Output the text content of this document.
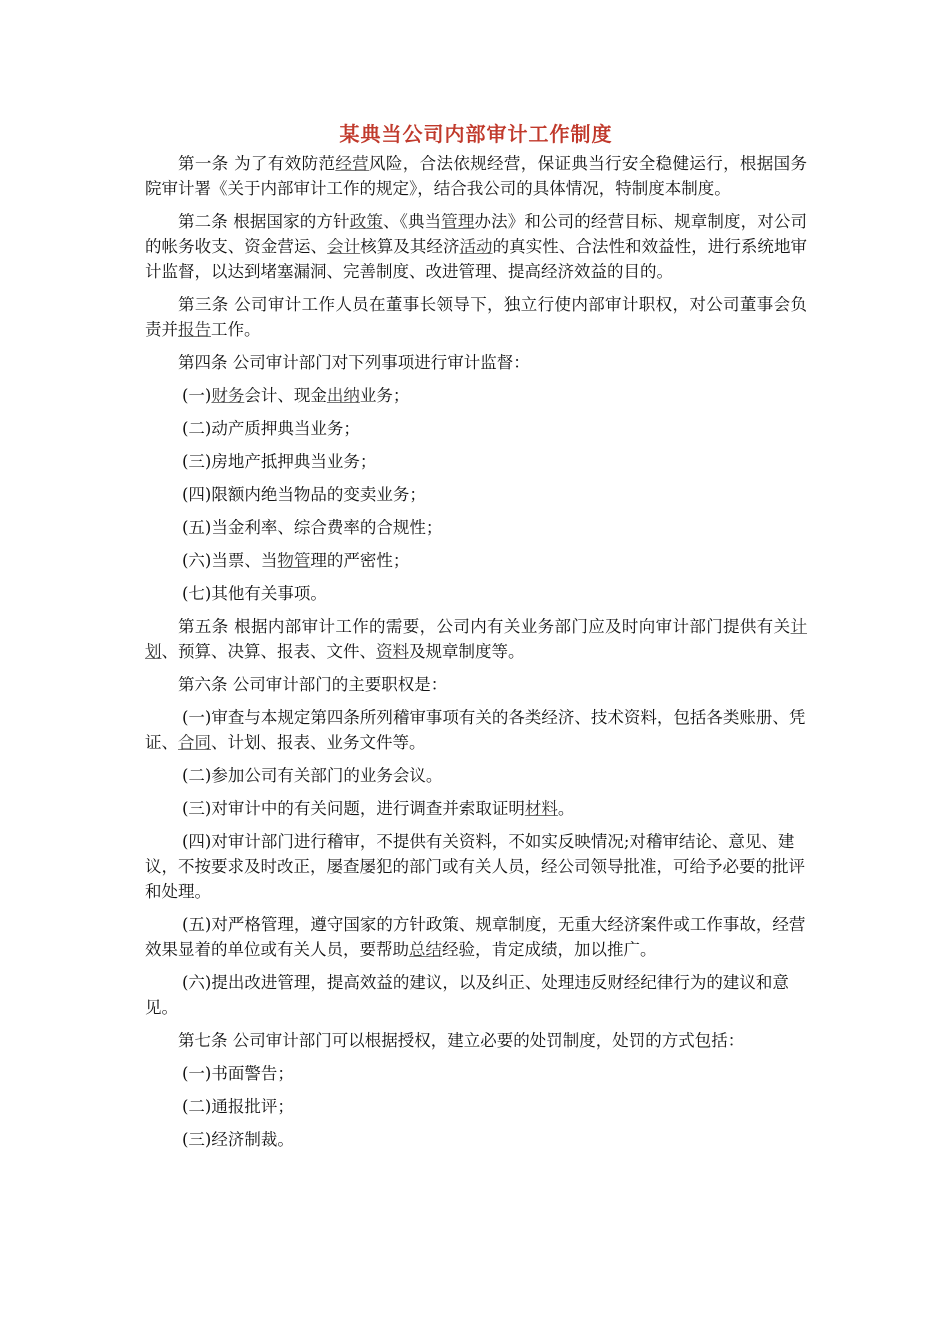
某典当公司内部审计工作制度

第一条 为了有效防范经营风险，合法依规经营，保证典当行安全稳健运行，根据国务院审计署《关于内部审计工作的规定》，结合我公司的具体情况，特制度本制度。

第二条 根据国家的方针政策、《典当管理办法》和公司的经营目标、规章制度，对公司的帐务收支、资金营运、会计核算及其经济活动的真实性、合法性和效益性，进行系统地审计监督，以达到堵塞漏洞、完善制度、改进管理、提高经济效益的目的。

第三条 公司审计工作人员在董事长领导下，独立行使内部审计职权，对公司董事会负责并报告工作。

第四条 公司审计部门对下列事项进行审计监督：

(一)财务会计、现金出纳业务；

(二)动产质押典当业务；

(三)房地产抵押典当业务；

(四)限额内绝当物品的变卖业务；

(五)当金利率、综合费率的合规性；

(六)当票、当物管理的严密性；

(七)其他有关事项。

第五条 根据内部审计工作的需要，公司内有关业务部门应及时向审计部门提供有关计划、预算、决算、报表、文件、资料及规章制度等。

第六条 公司审计部门的主要职权是：

(一)审查与本规定第四条所列稽审事项有关的各类经济、技术资料，包括各类账册、凭证、合同、计划、报表、业务文件等。

(二)参加公司有关部门的业务会议。

(三)对审计中的有关问题，进行调查并索取证明材料。

(四)对审计部门进行稽审，不提供有关资料，不如实反映情况;对稽审结论、意见、建议，不按要求及时改正，屡查屡犯的部门或有关人员，经公司领导批准，可给予必要的批评和处理。

(五)对严格管理，遵守国家的方针政策、规章制度，无重大经济案件或工作事故，经营效果显着的单位或有关人员，要帮助总结经验，肯定成绩，加以推广。

(六)提出改进管理，提高效益的建议，以及纠正、处理违反财经纪律行为的建议和意见。

第七条 公司审计部门可以根据授权，建立必要的处罚制度，处罚的方式包括：

(一)书面警告；

(二)通报批评；

(三)经济制裁。
